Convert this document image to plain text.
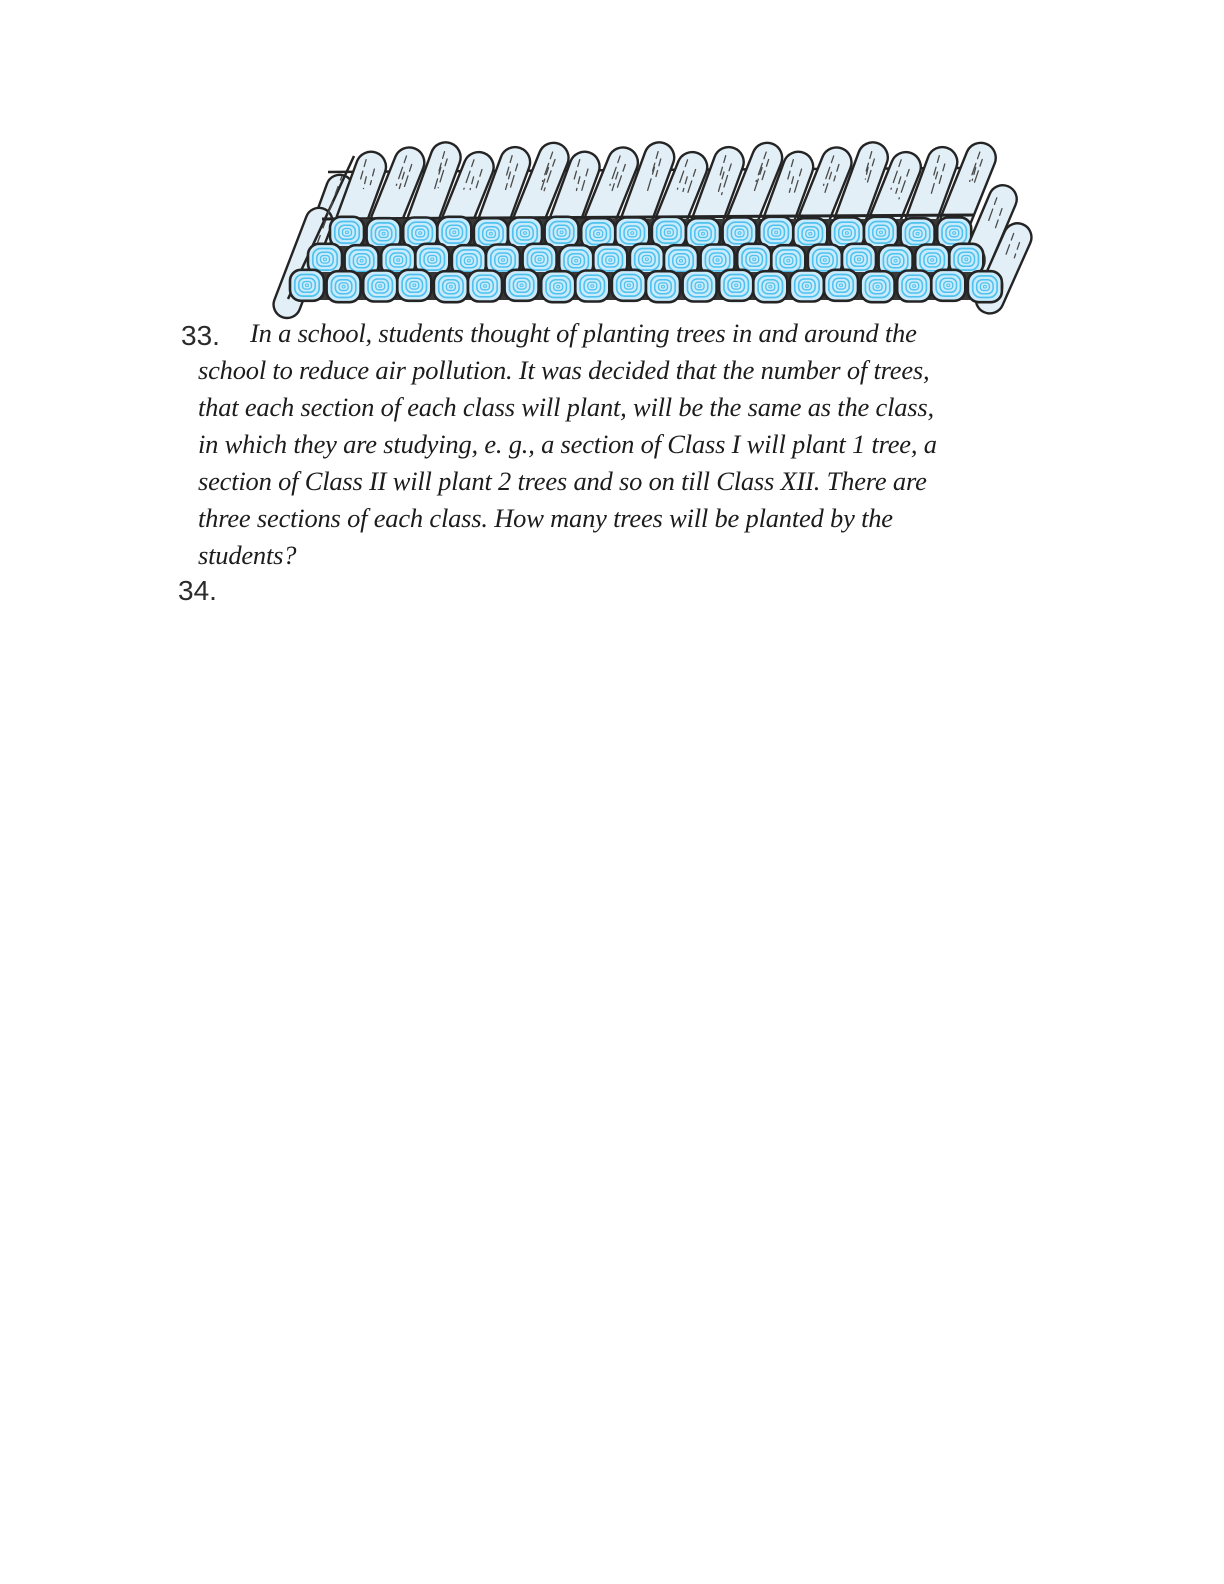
33.	In a school, students thought of planting trees in and around the
school to reduce air pollution. It was decided that the number of trees,
that each section of each class will plant, will be the same as the class,
in which they are studying, e. g., a section of Class I will plant 1 tree, a
section of Class II will plant 2 trees and so on till Class XII. There are
three sections of each class. How many trees will be planted by the
students?
34.
